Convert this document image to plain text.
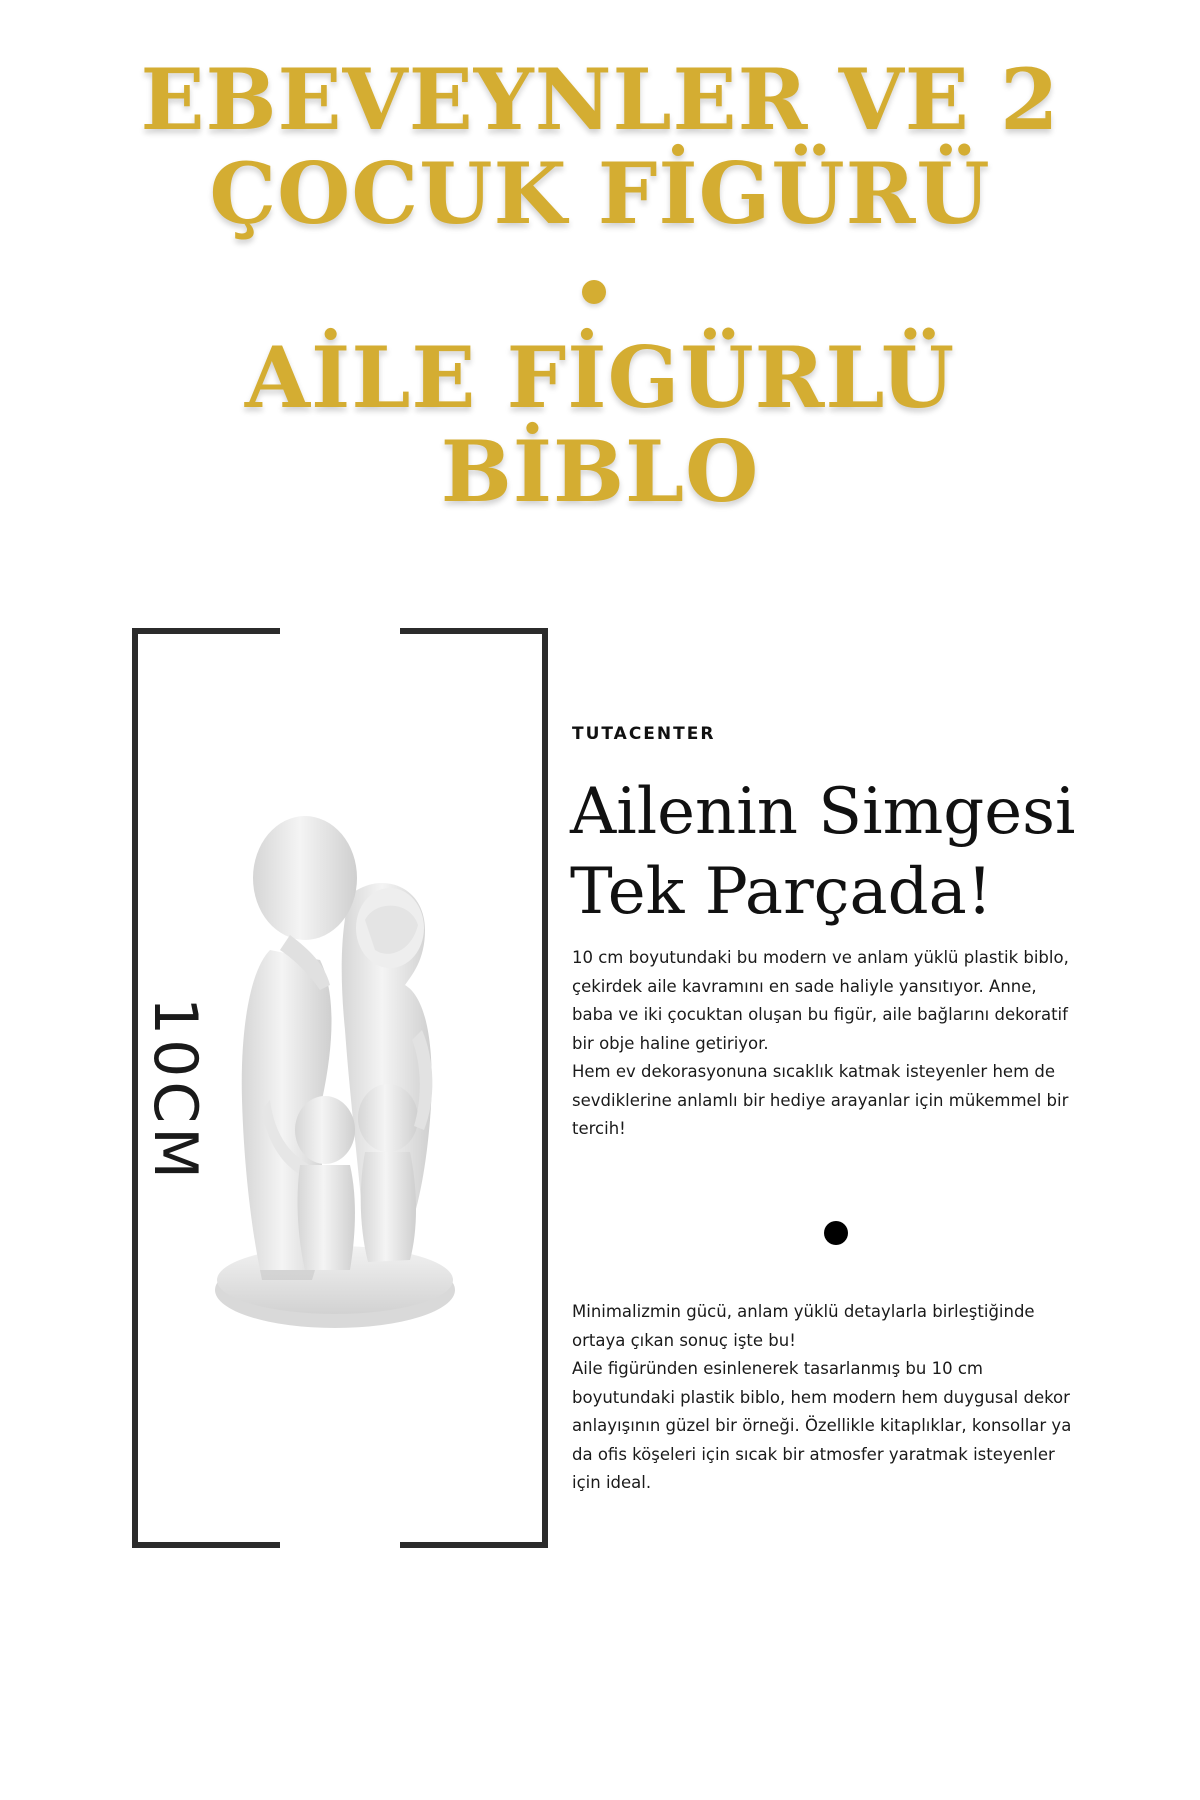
EBEVEYNLER VE 2
ÇOCUK FİGÜRÜ
AİLE FİGÜRLÜ
BİBLO
10CM
TUTACENTER
Ailenin Simgesi Tek Parçada!

10 cm boyutundaki bu modern ve anlam yüklü plastik biblo,
çekirdek aile kavramını en sade haliyle yansıtıyor. Anne,
baba ve iki çocuktan oluşan bu figür, aile bağlarını dekoratif
bir obje haline getiriyor.
Hem ev dekorasyonuna sıcaklık katmak isteyenler hem de
sevdiklerine anlamlı bir hediye arayanlar için mükemmel bir
tercih!

Minimalizmin gücü, anlam yüklü detaylarla birleştiğinde
ortaya çıkan sonuç işte bu!
Aile figüründen esinlenerek tasarlanmış bu 10 cm
boyutundaki plastik biblo, hem modern hem duygusal dekor
anlayışının güzel bir örneği. Özellikle kitaplıklar, konsollar ya
da ofis köşeleri için sıcak bir atmosfer yaratmak isteyenler
için ideal.
